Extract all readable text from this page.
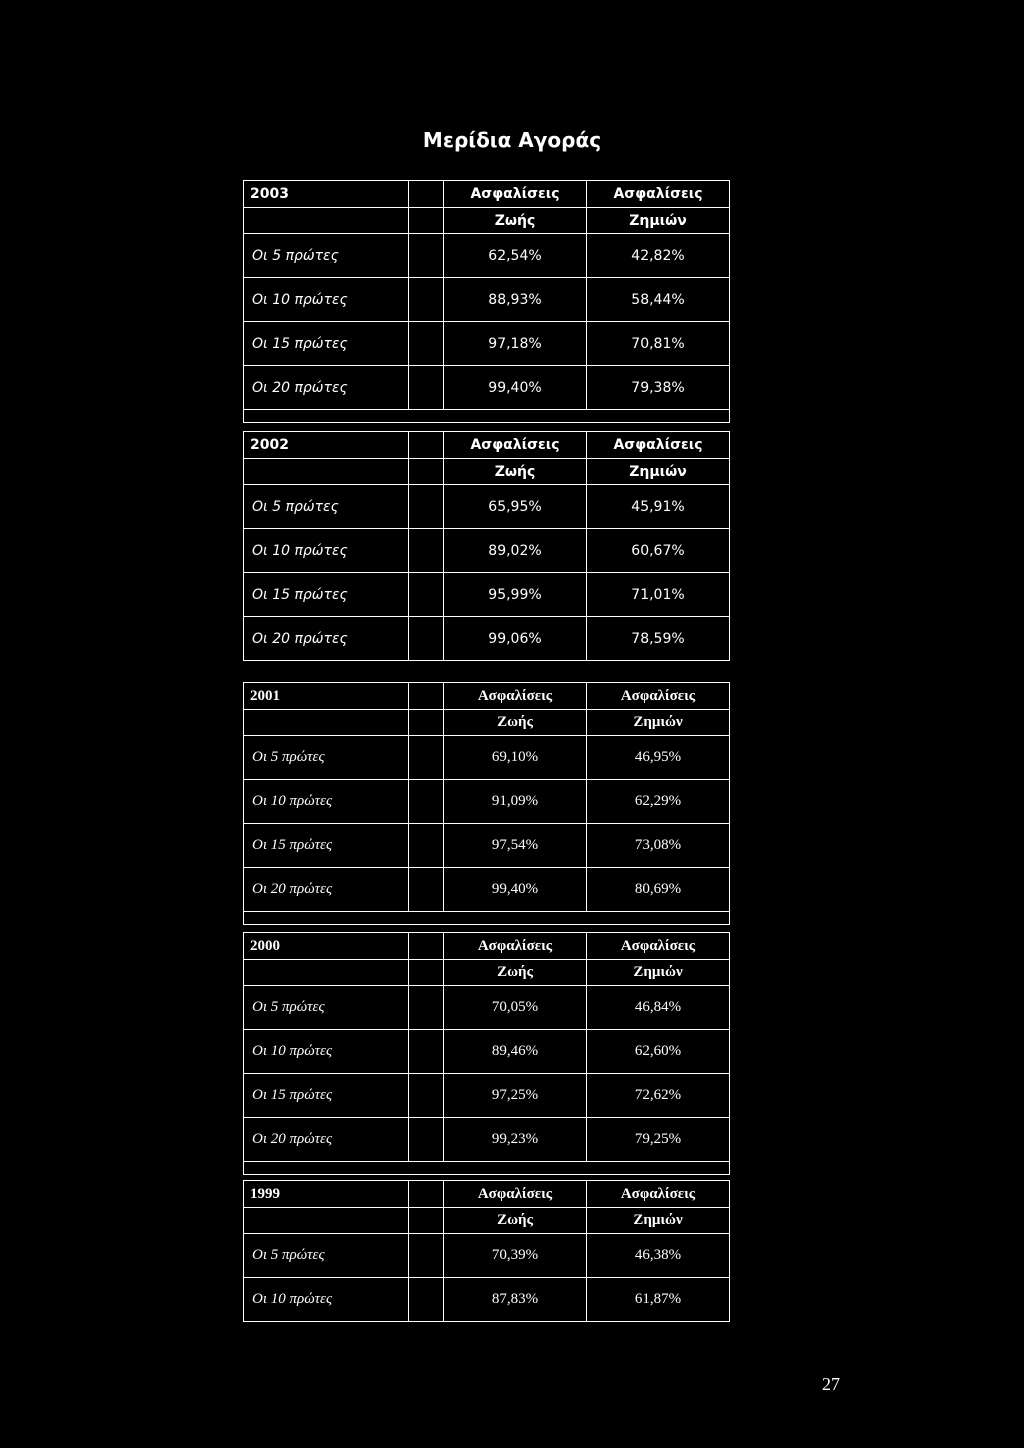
Μερίδια Αγοράς
2003		Ασφαλίσεις	Ασφαλίσεις
		Ζωής	Ζημιών
Οι 5 πρώτες		62,54%	42,82%
Οι 10 πρώτες		88,93%	58,44%
Οι 15 πρώτες		97,18%	70,81%
Οι 20 πρώτες		99,40%	79,38%

2002		Ασφαλίσεις	Ασφαλίσεις
		Ζωής	Ζημιών
Οι 5 πρώτες		65,95%	45,91%
Οι 10 πρώτες		89,02%	60,67%
Οι 15 πρώτες		95,99%	71,01%
Οι 20 πρώτες		99,06%	78,59%
2001		Ασφαλίσεις	Ασφαλίσεις
		Ζωής	Ζημιών
Οι 5 πρώτες		69,10%	46,95%
Οι 10 πρώτες		91,09%	62,29%
Οι 15 πρώτες		97,54%	73,08%
Οι 20 πρώτες		99,40%	80,69%

2000		Ασφαλίσεις	Ασφαλίσεις
		Ζωής	Ζημιών
Οι 5 πρώτες		70,05%	46,84%
Οι 10 πρώτες		89,46%	62,60%
Οι 15 πρώτες		97,25%	72,62%
Οι 20 πρώτες		99,23%	79,25%

1999		Ασφαλίσεις	Ασφαλίσεις
		Ζωής	Ζημιών
Οι 5 πρώτες		70,39%	46,38%
Οι 10 πρώτες		87,83%	61,87%
27
